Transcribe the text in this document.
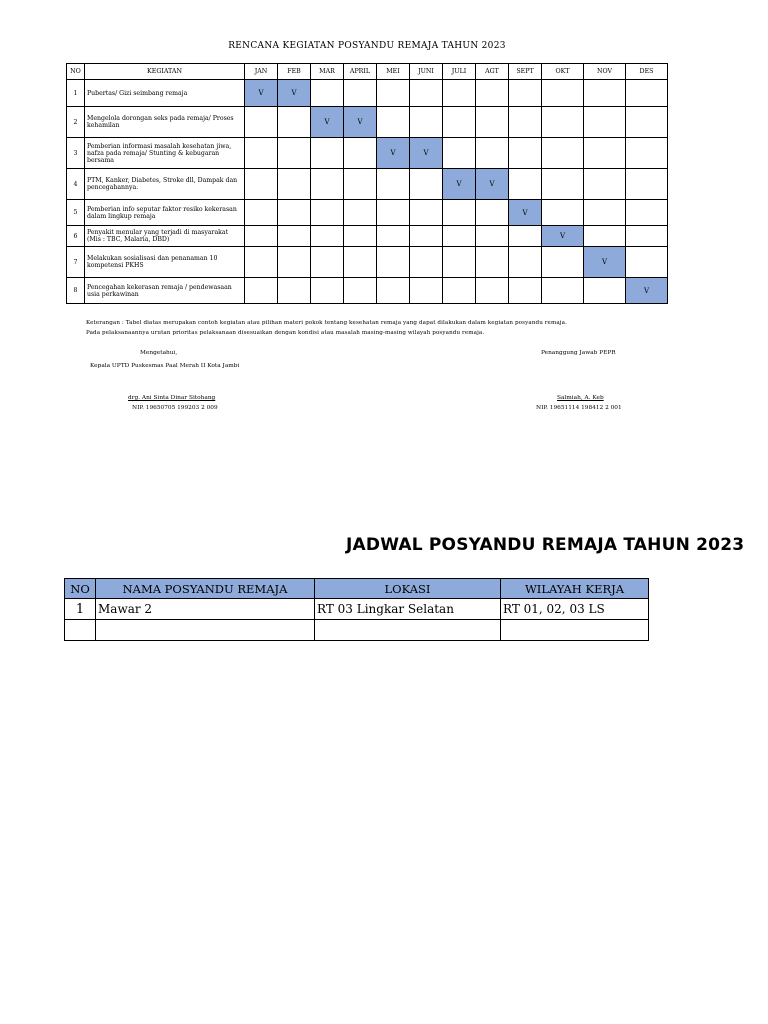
RENCANA KEGIATAN POSYANDU REMAJA TAHUN 2023
NO	KEGIATAN	JAN	FEB	MAR	APRIL	MEI	JUNI	JULI	AGT	SEPT	OKT	NOV	DES
1	Pubertas/ Gizi seimbang remaja	V	V										
2	Mengelola dorongan seks pada remaja/ Proses kehamilan			V	V								
3	Pemberian informasi masalah kesehatan jiwa, nafza pada remaja/ Stunting & kebugaran bersama					V	V						
4	PTM, Kanker, Diabetes, Stroke dll, Dampak dan pencegahannya.							V	V				
5	Pemberian info seputar faktor resiko kekerasan dalam lingkup remaja									V			
6	Penyakit menular yang terjadi di masyarakat (Mis : TBC, Malaria, DBD)										V		
7	Melakukan sosialisasi dan penanaman 10 kompetensi PKHS											V	
8	Pencegahan kekerasan remaja / pendewasaan usia perkawinan												V
Keterangan : Tabel diatas merupakan contoh kegiatan atau pilihan materi pokok tentang kesehatan remaja yang dapat dilakukan dalam kegiatan posyandu remaja.
Pada pelaksanaannya urutan prioritas pelaksanaan disesuaikan dengan kondisi atau masalah masing-masing wilayah posyandu remaja.
Mengetahui,
Kepala UPTD Puskesmas Paal Merah II Kota Jambi
drg. Ani Sinta Dinar Sitohang
NIP. 19650705 199203 2 009
Penanggung Jawab PEPR
Salmiah, A. Keb
NIP. 19651114 198412 2 001
JADWAL POSYANDU REMAJA TAHUN 2023
NO	NAMA POSYANDU REMAJA	LOKASI	WILAYAH KERJA
1	Mawar 2	RT 03 Lingkar Selatan	RT 01, 02, 03 LS
